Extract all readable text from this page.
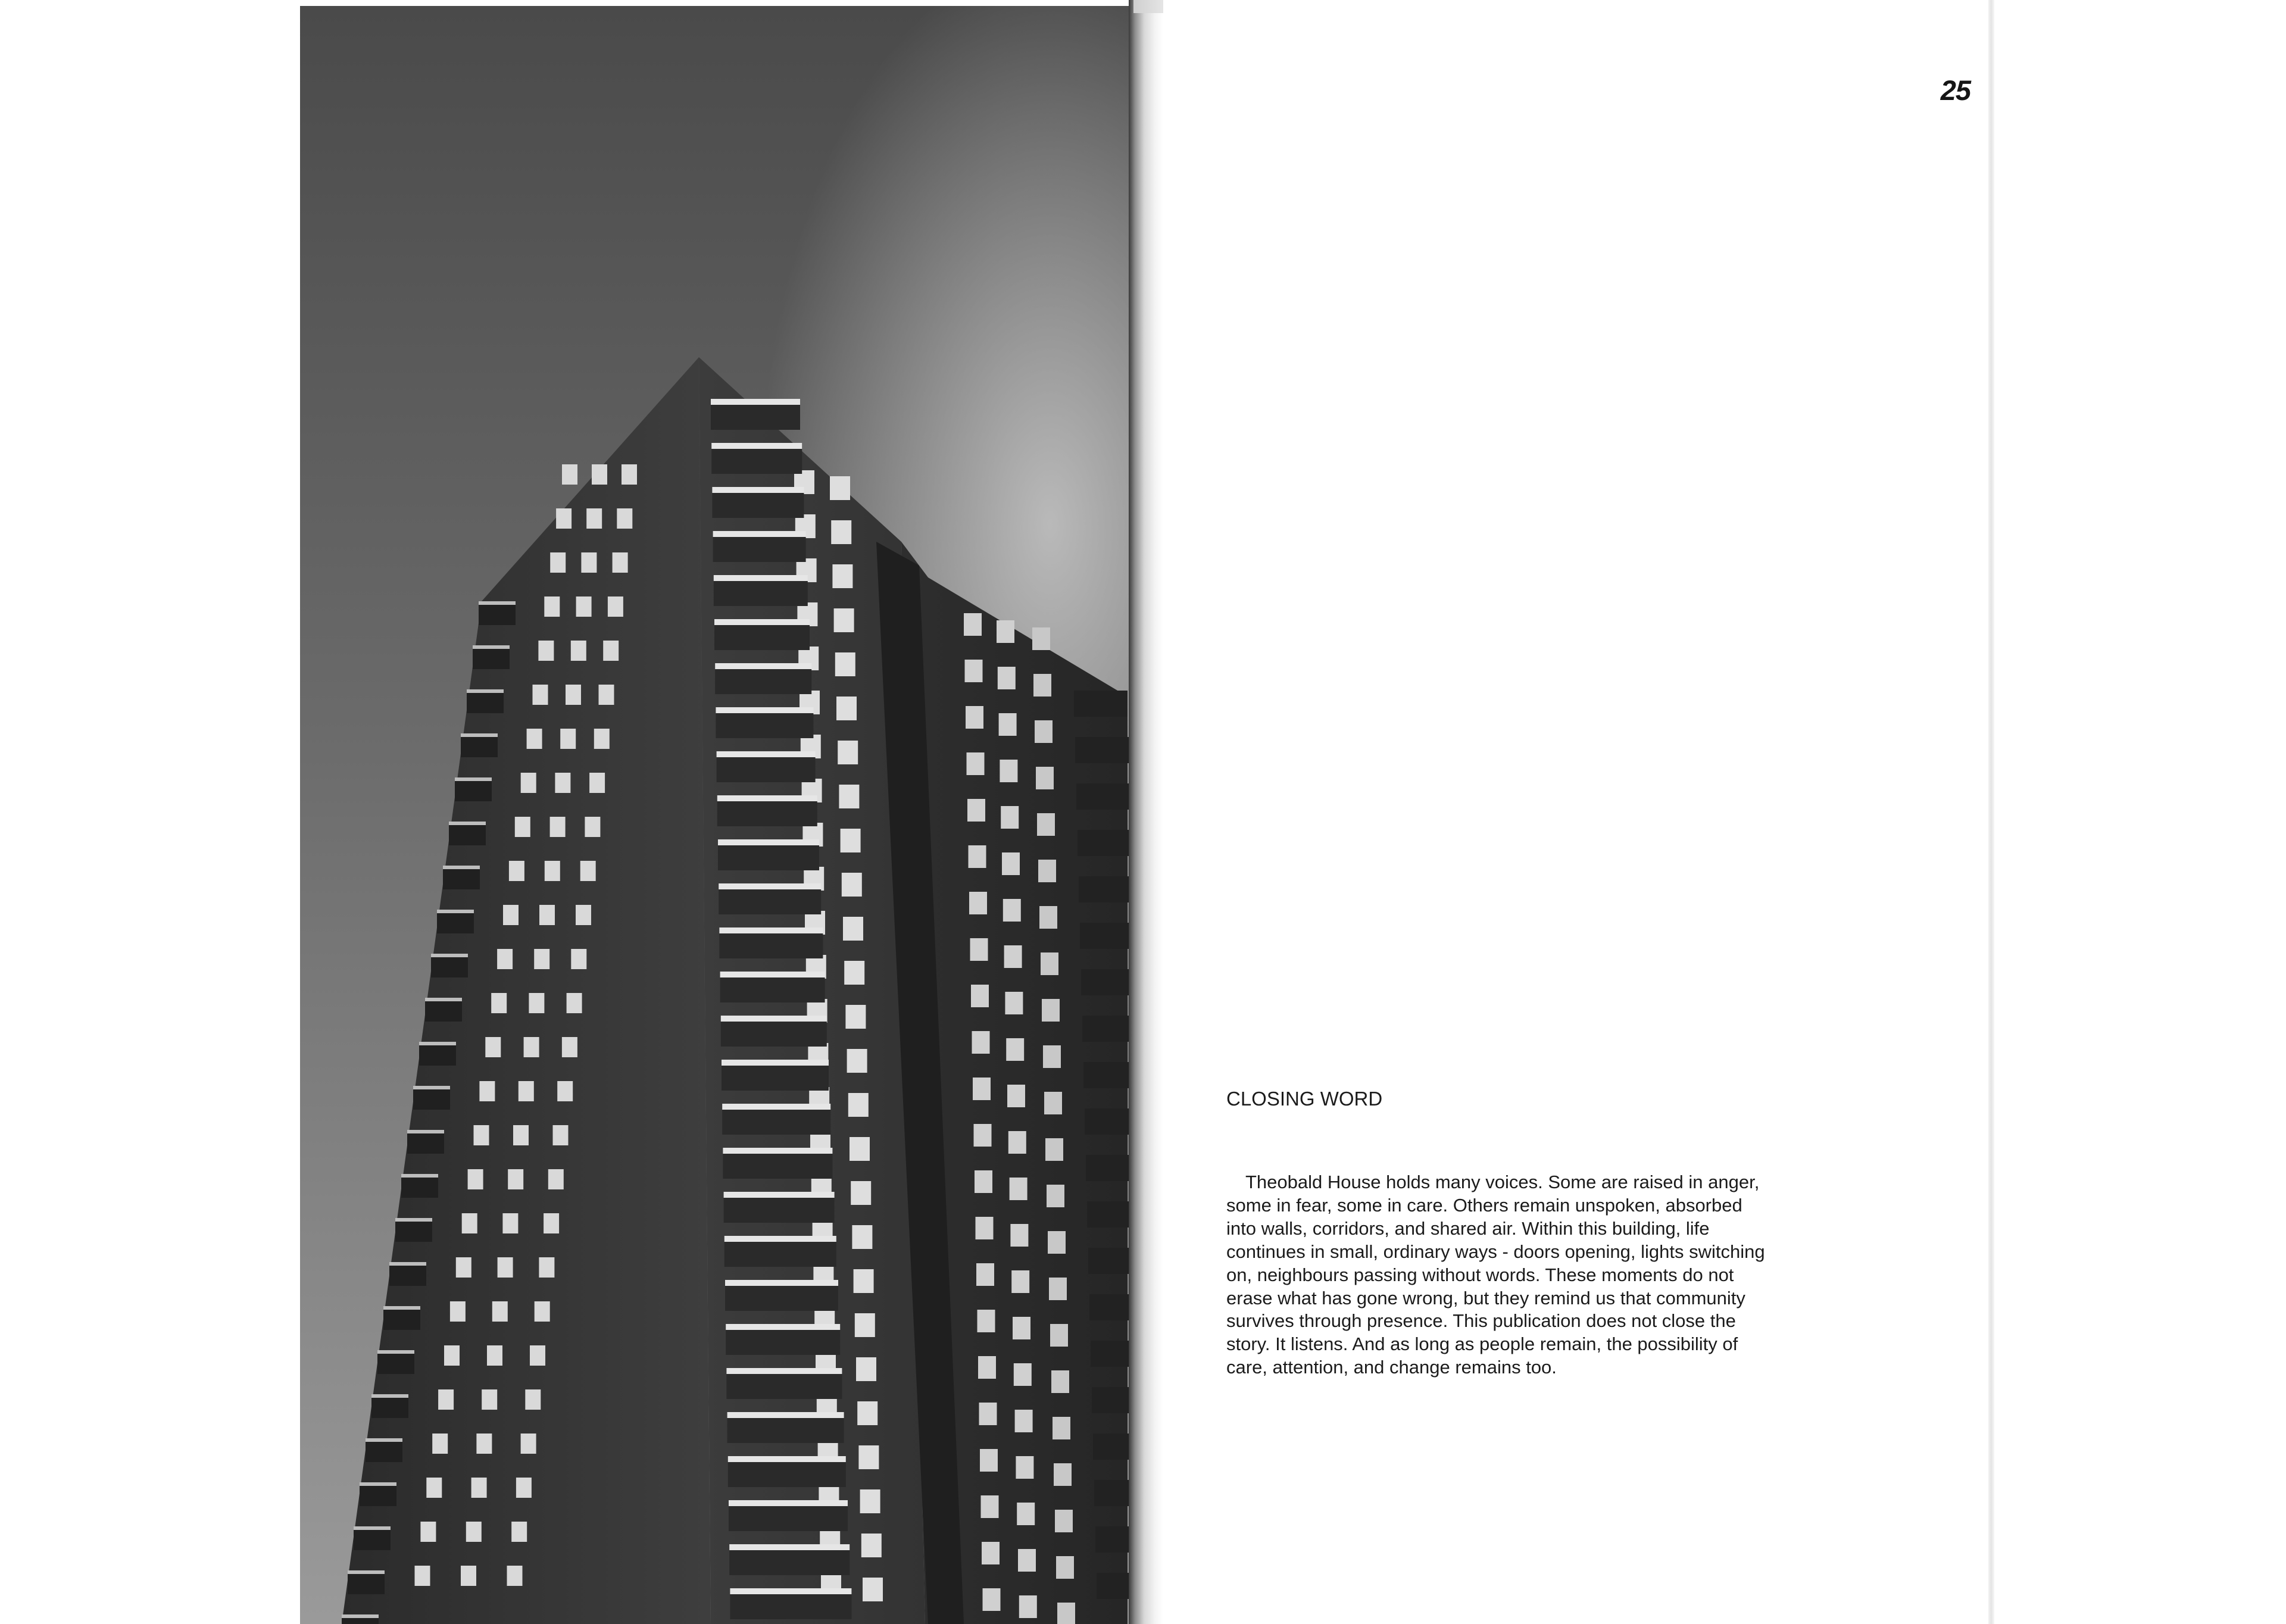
25
CLOSING WORD

Theobald House holds many voices. Some are raised in anger,
some in fear, some in care. Others remain unspoken, absorbed
into walls, corridors, and shared air. Within this building, life
continues in small, ordinary ways - doors opening, lights switching
on, neighbours passing without words. These moments do not
erase what has gone wrong, but they remind us that community
survives through presence. This publication does not close the
story. It listens. And as long as people remain, the possibility of
care, attention, and change remains too.
